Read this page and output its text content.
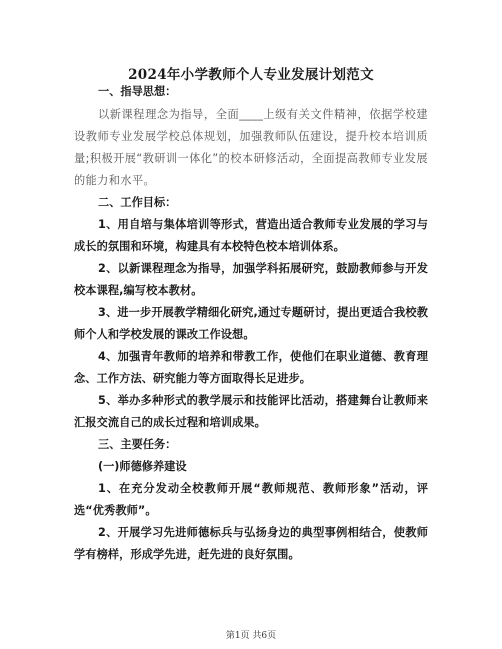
2024年小学教师个人专业发展计划范文
一、指导思想：
以新课程理念为指导，全面____上级有关文件精神，依据学校建设教师专业发展学校总体规划，加强教师队伍建设，提升校本培训质量;积极开展“教研训一体化”的校本研修活动，全面提高教师专业发展的能力和水平。
二、工作目标：
1、用自培与集体培训等形式，营造出适合教师专业发展的学习与成长的氛围和环境，构建具有本校特色校本培训体系。
2、以新课程理念为指导，加强学科拓展研究，鼓励教师参与开发校本课程,编写校本教材。
3、进一步开展教学精细化研究,通过专题研讨，提出更适合我校教师个人和学校发展的课改工作设想。
4、加强青年教师的培养和带教工作，使他们在职业道德、教育理念、工作方法、研究能力等方面取得长足进步。
5、举办多种形式的教学展示和技能评比活动，搭建舞台让教师来汇报交流自己的成长过程和培训成果。
三、主要任务：
(一)师德修养建设
1、在充分发动全校教师开展“教师规范、教师形象”活动，评选“优秀教师”。
2、开展学习先进师德标兵与弘扬身边的典型事例相结合，使教师学有榜样，形成学先进，赶先进的良好氛围。
第1页 共6页
